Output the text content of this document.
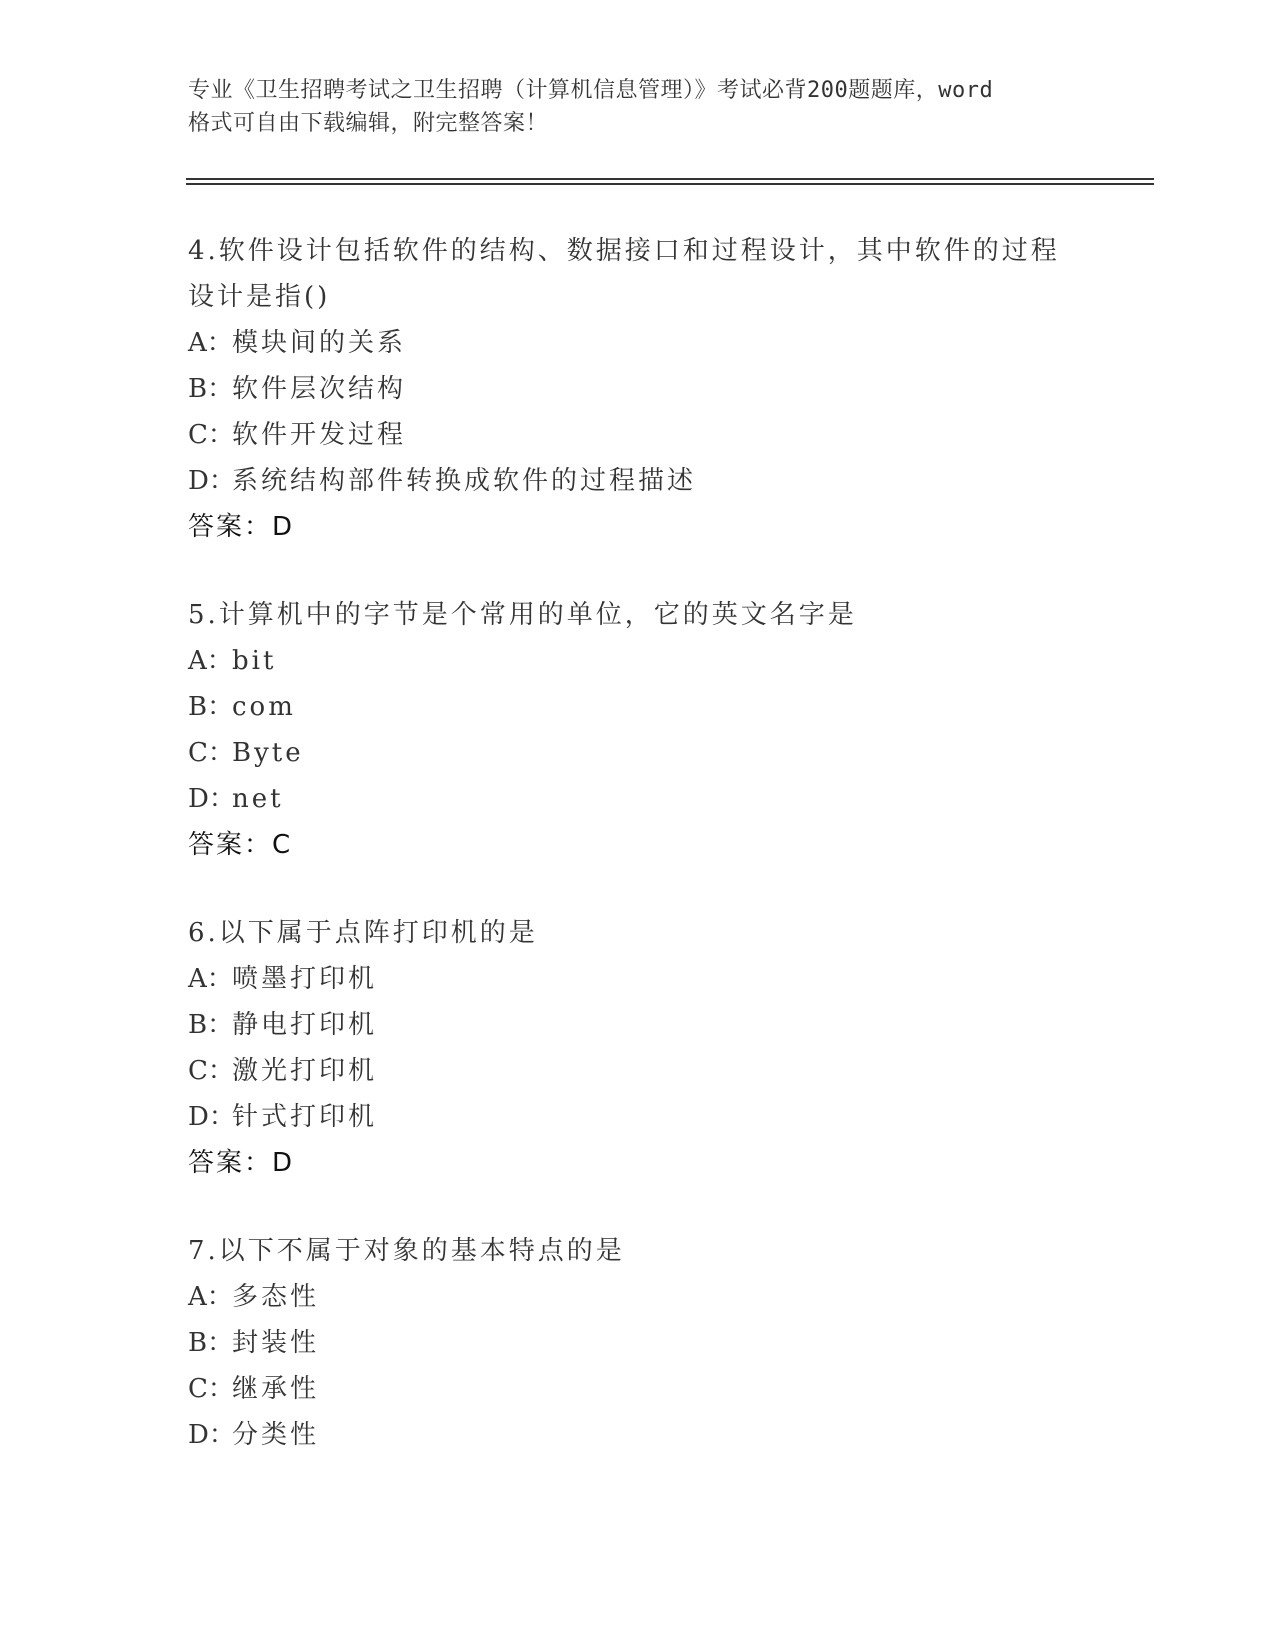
专业《卫生招聘考试之卫生招聘（计算机信息管理）》考试必背200题题库，word
格式可自由下载编辑，附完整答案！
4.软件设计包括软件的结构、数据接口和过程设计，其中软件的过程
设计是指()
A：模块间的关系
B：软件层次结构
C：软件开发过程
D：系统结构部件转换成软件的过程描述
答案：D
5.计算机中的字节是个常用的单位，它的英文名字是
A：bit
B：com
C：Byte
D：net
答案：C
6.以下属于点阵打印机的是
A：喷墨打印机
B：静电打印机
C：激光打印机
D：针式打印机
答案：D
7.以下不属于对象的基本特点的是
A：多态性
B：封装性
C：继承性
D：分类性
